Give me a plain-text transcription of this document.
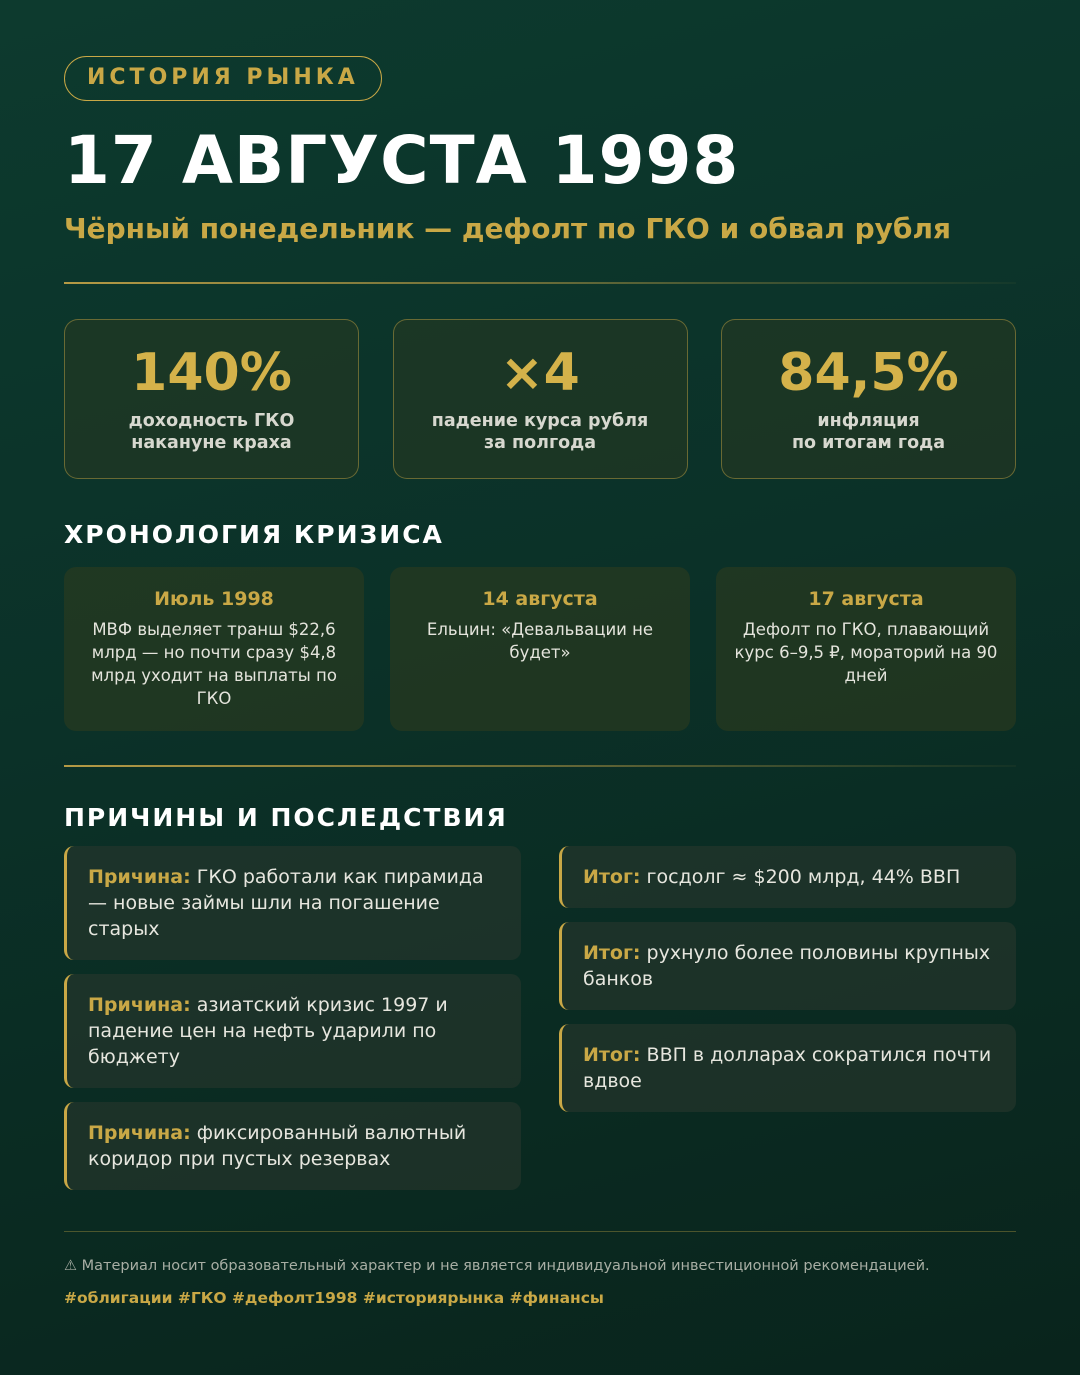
ИСТОРИЯ РЫНКА
17 АВГУСТА 1998
Чёрный понедельник — дефолт по ГКО и обвал рубля
140%
доходность ГКО
накануне краха
×4
падение курса рубля
за полгода
84,5%
инфляция
по итогам года
ХРОНОЛОГИЯ КРИЗИСА
Июль 1998
МВФ выделяет транш $22,6 млрд — но почти сразу $4,8 млрд уходит на выплаты по ГКО
14 августа
Ельцин: «Девальвации не будет»
17 августа
Дефолт по ГКО, плавающий курс 6–9,5 ₽, мораторий на 90 дней
ПРИЧИНЫ И ПОСЛЕДСТВИЯ
Причина: ГКО работали как пирамида — новые займы шли на погашение старых
Причина: азиатский кризис 1997 и падение цен на нефть ударили по бюджету
Причина: фиксированный валютный коридор при пустых резервах
Итог: госдолг ≈ $200 млрд, 44% ВВП
Итог: рухнуло более половины крупных банков
Итог: ВВП в долларах сократился почти вдвое
⚠ Материал носит образовательный характер и не является индивидуальной инвестиционной рекомендацией.
#облигации #ГКО #дефолт1998 #историярынка #финансы
